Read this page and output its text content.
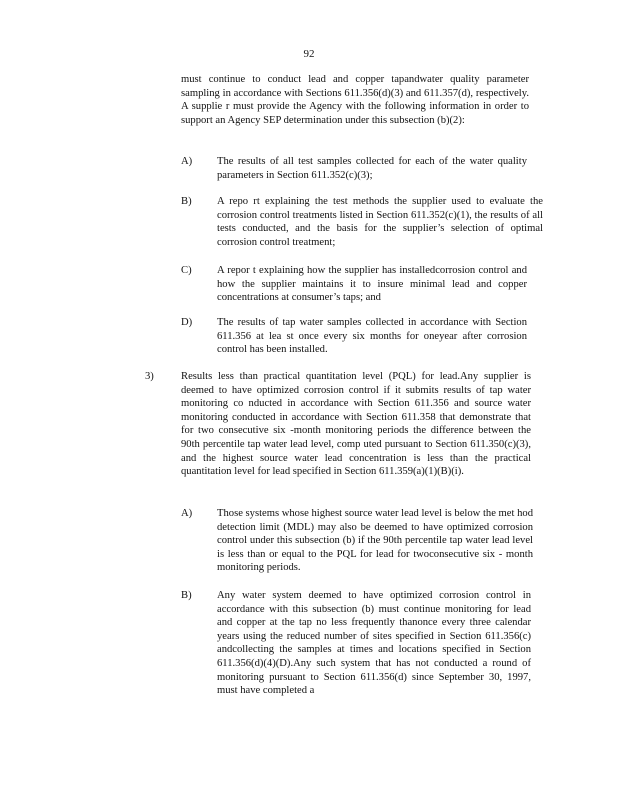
92
must continue to conduct lead and copper tapandwater quality parameter sampling in accordance with Sections 611.356(d)(3) and 611.357(d), respectively. A supplie r must provide the Agency with the following information in order to support an Agency SEP determination under this subsection (b)(2):
A) The results of all test samples collected for each of the water quality parameters in Section 611.352(c)(3);
B) A repo rt explaining the test methods the supplier used to evaluate the corrosion control treatments listed in Section 611.352(c)(1), the results of all tests conducted, and the basis for the supplier’s selection of optimal corrosion control treatment;
C) A repor t explaining how the supplier has installedcorrosion control and how the supplier maintains it to insure minimal lead and copper concentrations at consumer’s taps; and
D) The results of tap water samples collected in accordance with Section 611.356 at lea st once every six months for oneyear after corrosion control has been installed.
3)	Results less than practical quantitation level (PQL) for lead.Any supplier is deemed to have optimized corrosion control if it submits results of tap water monitoring co nducted in accordance with Section 611.356 and source water monitoring conducted in accordance with Section 611.358 that demonstrate that for two consecutive six -month monitoring periods the difference between the 90th percentile tap water lead level, comp uted pursuant to Section 611.350(c)(3), and the highest source water lead concentration is less than the practical quantitation level for lead specified in Section 611.359(a)(1)(B)(i).
A) Those systems whose highest source water lead level is below the met hod detection limit (MDL) may also be deemed to have optimized corrosion control under this subsection (b) if the 90th percentile tap water lead level is less than or equal to the PQL for lead for twoconsecutive six - month monitoring periods.
B) Any water system deemed to have optimized corrosion control in accordance with this subsection (b) must continue monitoring for lead and copper at the tap no less frequently thanonce every three calendar years using the reduced number of sites specified in Section 611.356(c) andcollecting the samples at times and locations specified in Section 611.356(d)(4)(D).Any such system that has not conducted a round of monitoring pursuant to Section 611.356(d) since September 30, 1997, must have completed a
